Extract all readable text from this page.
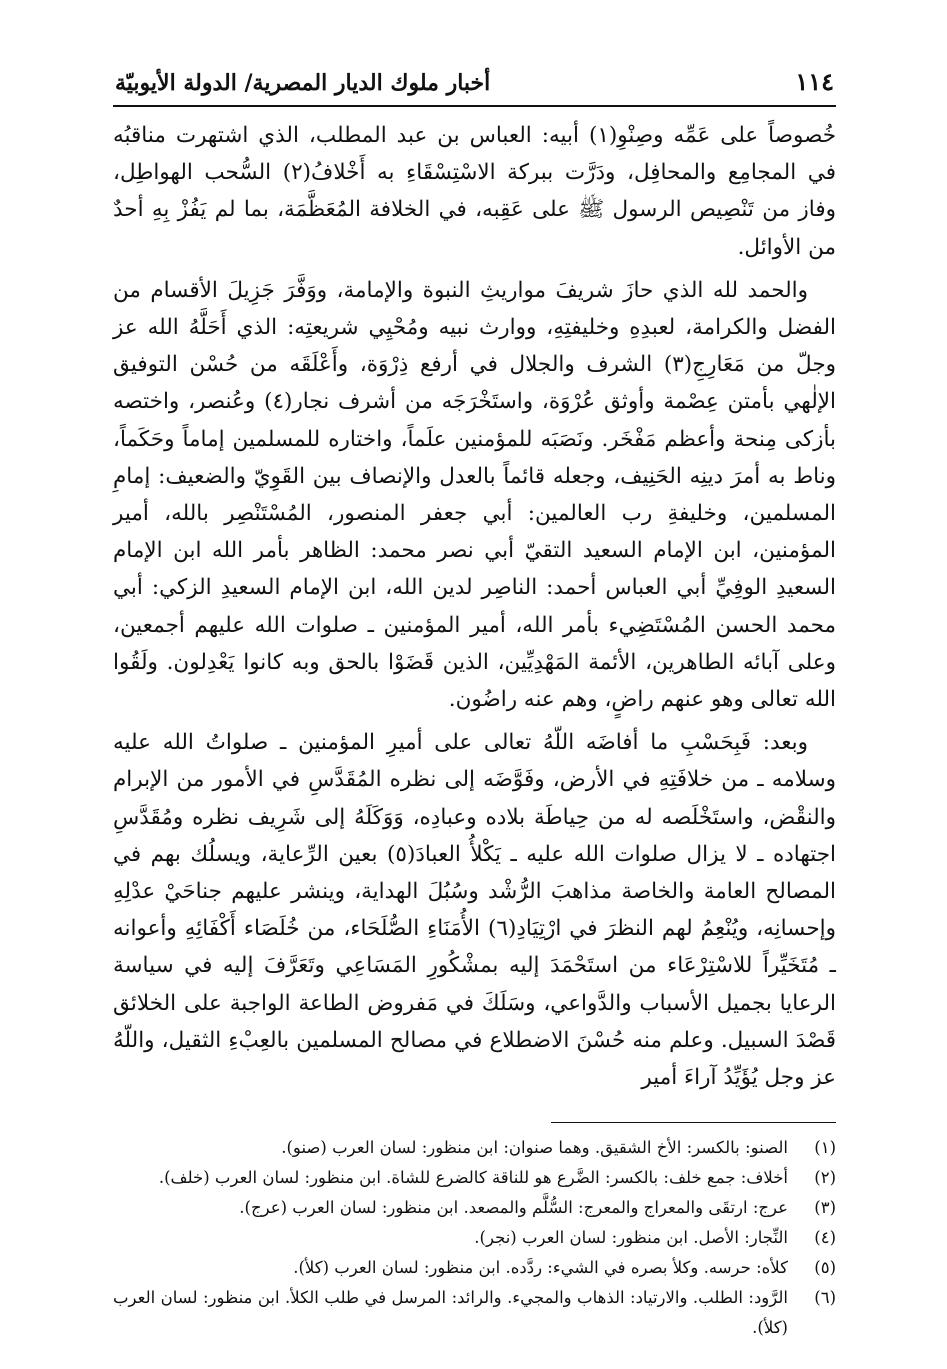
١١٤
أخبار ملوك الديار المصرية/ الدولة الأيوبيّة

خُصوصاً على عَمِّه وصِنْوِ(١) أبيه: العباس بن عبد المطلب، الذي اشتهرت مناقبُه في المجامِع والمحافِل، ودَرَّت ببركة الاسْتِسْقَاءِ به أَخْلافُ(٢) السُّحب الهواطِل، وفاز من تَنْصِيص الرسول ﷺ على عَقِبه، في الخلافة المُعَظَّمَة، بما لم يَفُزْ بِهِ أحدٌ من الأوائل.

والحمد لله الذي حازَ شريفَ مواريثِ النبوة والإمامة، ووَفَّرَ جَزِيلَ الأقسام من الفضل والكرامة، لعبدِهِ وخليفتِهِ، ووارث نبيه ومُحْيِي شريعتِه: الذي أَحَلَّهُ الله عز وجلّ من مَعَارِجِ(٣) الشرف والجلال في أرفع ذِرْوَة، وأَعْلَقَه من حُسْن التوفيق الإلٰهي بأمتن عِصْمة وأوثق عُرْوَة، واستَخْرَجَه من أشرف نجار(٤) وعُنصر، واختصه بأزكى مِنحة وأعظم مَفْخَر. ونَصَبَه للمؤمنين علَماً، واختاره للمسلمين إماماً وحَكَماً، وناط به أمرَ دينِه الحَنِيف، وجعله قائماً بالعدل والإنصاف بين القَوِيّ والضعيف: إمامِ المسلمين، وخليفةِ رب العالمين: أبي جعفر المنصور، المُسْتَنْصِر بالله، أمير المؤمنين، ابن الإمام السعيد التقيّ أبي نصر محمد: الظاهر بأمر الله ابن الإمام السعيدِ الوفِيِّ أبي العباس أحمد: الناصِر لدين الله، ابن الإمام السعيدِ الزكي: أبي محمد الحسن المُسْتَضِيء بأمر الله، أمير المؤمنين ـ صلوات الله عليهم أجمعين، وعلى آبائه الطاهرين، الأئمة المَهْدِيِّين، الذين قَضَوْا بالحق وبه كانوا يَعْدِلون. ولَقُوا الله تعالى وهو عنهم راضٍ، وهم عنه راضُون.

وبعد: فَبِحَسْبِ ما أفاضَه اللّهُ تعالى على أميرِ المؤمنين ـ صلواتُ الله عليه وسلامه ـ من خلافَتِهِ في الأرض، وفَوَّضَه إلى نظره المُقَدَّسِ في الأمور من الإبرام والنقْض، واستَخْلَصه له من حِياطَة بلاده وعبادِه، وَوَكَلَهُ إلى شَرِيف نظره ومُقَدَّسِ اجتهاده ـ لا يزال صلوات الله عليه ـ يَكْلأُ العبادَ(٥) بعين الرِّعاية، ويسلُك بهم في المصالح العامة والخاصة مذاهبَ الرُّشْد وسُبُلَ الهداية، وينشر عليهم جناحَيْ عدْلِهِ وإحسانِه، ويُنْعِمُ لهم النظرَ في ارْتِيَادِ(٦) الأُمَنَاءِ الصُّلَحَاء، من خُلَصَاء أَكْفَائِهِ وأعوانه ـ مُتَخَيِّراً للاسْتِرْعَاء من استَحْمَدَ إليه بمشْكُورِ المَسَاعِي وتَعَرَّفَ إليه في سياسة الرعايا بجميل الأسباب والدَّواعي، وسَلَكَ في مَفروض الطاعة الواجبة على الخلائق قَصْدَ السبيل. وعلم منه حُسْنَ الاضطلاع في مصالح المسلمين بالعِبْءِ الثقيل، واللّهُ عز وجل يُؤَيِّدُ آراءَ أمير

(١)
الصنو: بالكسر: الأخ الشقيق. وهما صنوان: ابن منظور: لسان العرب (صنو).
(٢)
أخلاف: جمع خلف: بالكسر: الضَّرع هو للناقة كالضرع للشاة. ابن منظور: لسان العرب (خلف).
(٣)
عرج: ارتقَى والمعراج والمعرج: السُّلَّم والمصعد. ابن منظور: لسان العرب (عرج).
(٤)
النِّجار: الأصل. ابن منظور: لسان العرب (نجر).
(٥)
كلأه: حرسه. وكلأ بصره في الشيء: ردَّده. ابن منظور: لسان العرب (كلأ).
(٦)
الرَّود: الطلب. والارتياد: الذهاب والمجيء. والرائد: المرسل في طلب الكلأ. ابن منظور: لسان العرب (كلأ).
